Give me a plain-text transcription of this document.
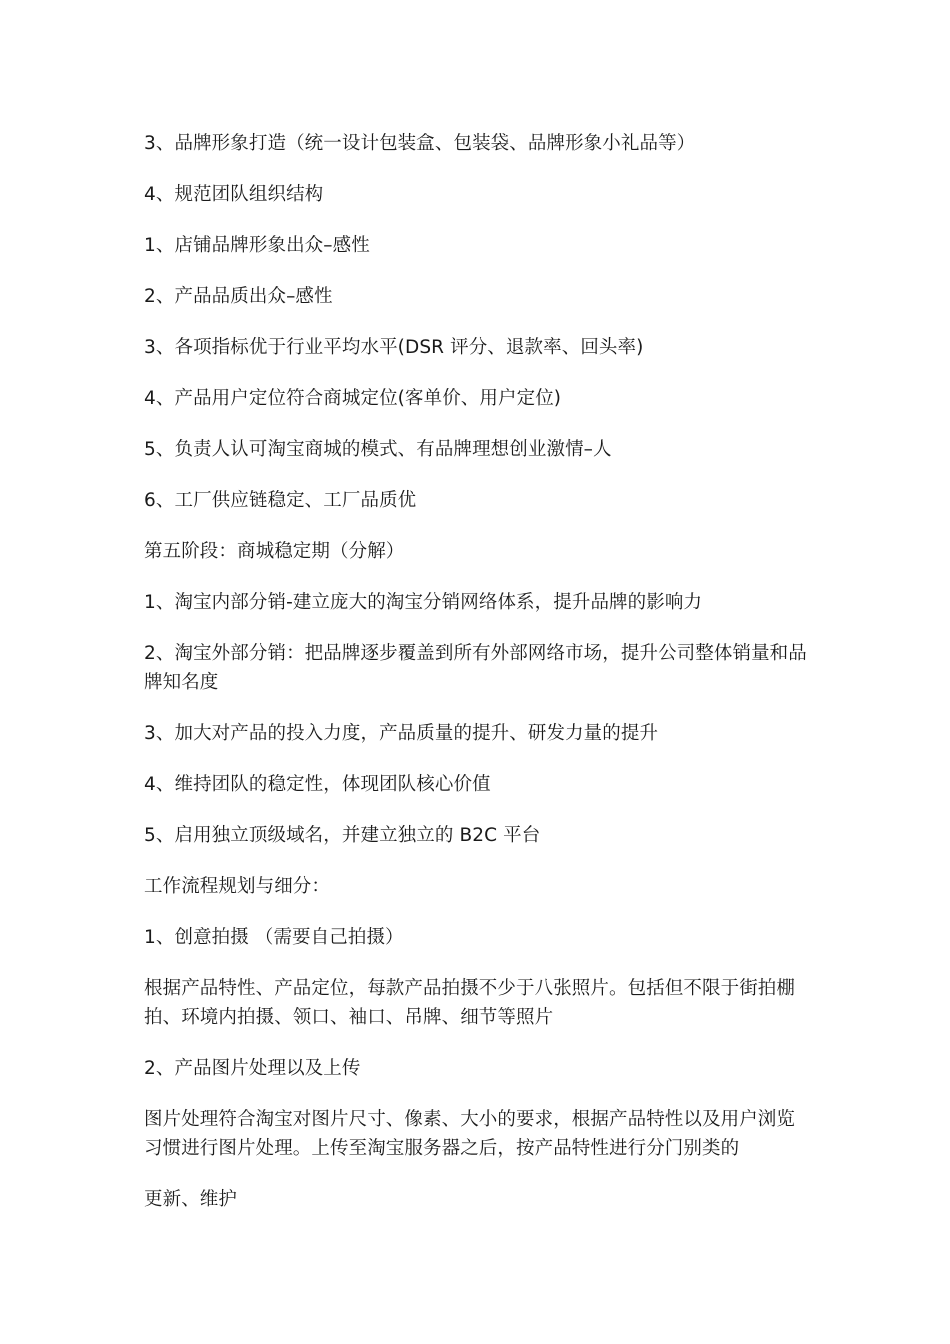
3、品牌形象打造（统一设计包装盒、包装袋、品牌形象小礼品等）

4、规范团队组织结构

1、店铺品牌形象出众–感性

2、产品品质出众–感性

3、各项指标优于行业平均水平(DSR 评分、退款率、回头率)

4、产品用户定位符合商城定位(客单价、用户定位)

5、负责人认可淘宝商城的模式、有品牌理想创业激情–人

6、工厂供应链稳定、工厂品质优

第五阶段：商城稳定期（分解）

1、淘宝内部分销-建立庞大的淘宝分销网络体系，提升品牌的影响力

2、淘宝外部分销：把品牌逐步覆盖到所有外部网络市场，提升公司整体销量和品牌知名度

3、加大对产品的投入力度，产品质量的提升、研发力量的提升

4、维持团队的稳定性，体现团队核心价值

5、启用独立顶级域名，并建立独立的 B2C 平台

工作流程规划与细分：

1、创意拍摄 （需要自己拍摄）

根据产品特性、产品定位，每款产品拍摄不少于八张照片。包括但不限于街拍棚拍、环境内拍摄、领口、袖口、吊牌、细节等照片

2、产品图片处理以及上传

图片处理符合淘宝对图片尺寸、像素、大小的要求，根据产品特性以及用户浏览习惯进行图片处理。上传至淘宝服务器之后，按产品特性进行分门别类的

更新、维护
